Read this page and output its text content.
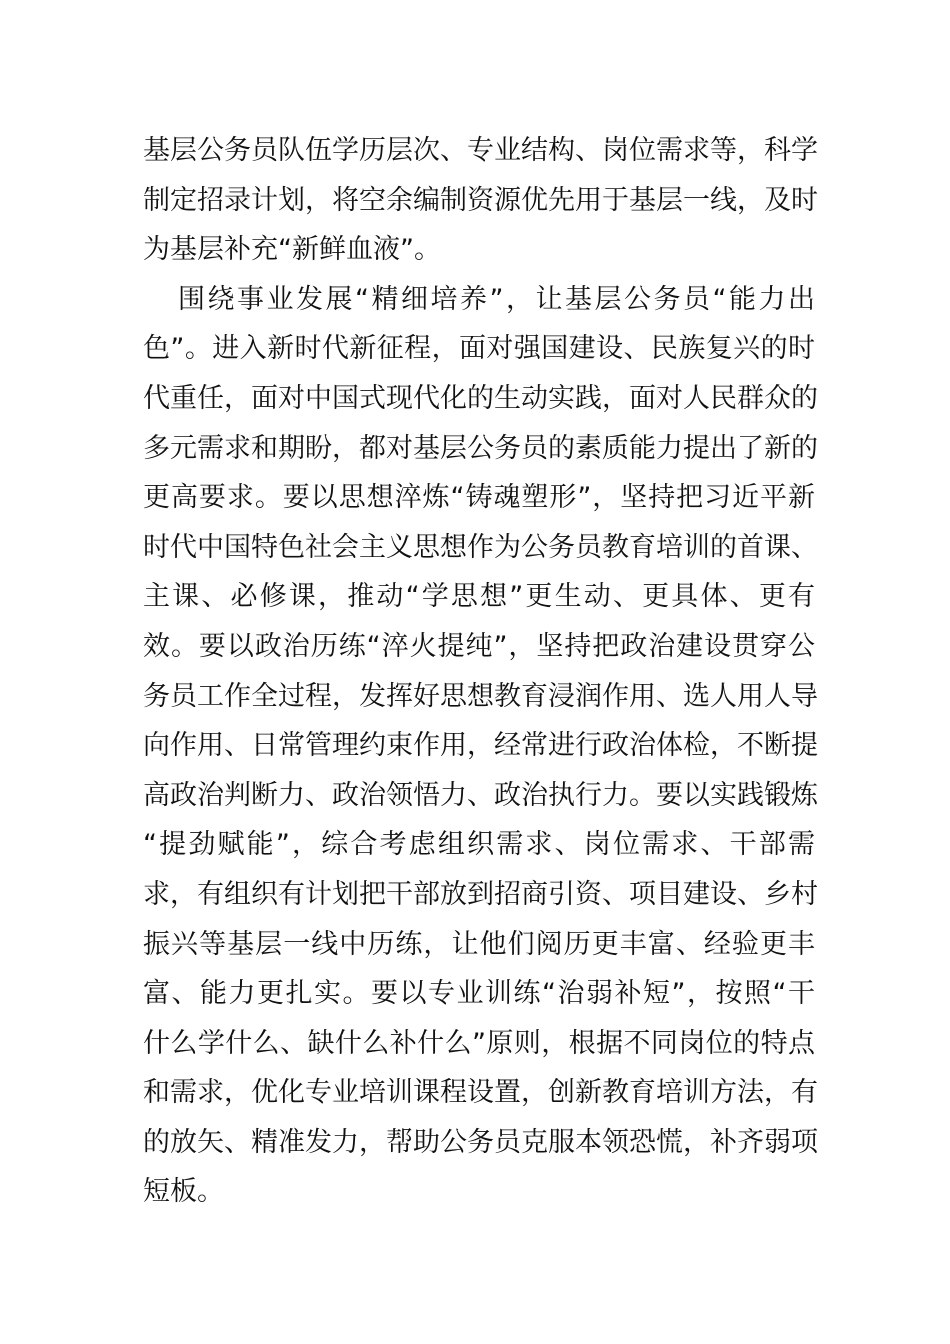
基层公务员队伍学历层次、专业结构、岗位需求等，科学
制定招录计划，将空余编制资源优先用于基层一线，及时
为基层补充“新鲜血液”。
围绕事业发展“精细培养”，让基层公务员“能力出
色”。进入新时代新征程，面对强国建设、民族复兴的时
代重任，面对中国式现代化的生动实践，面对人民群众的
多元需求和期盼，都对基层公务员的素质能力提出了新的
更高要求。要以思想淬炼“铸魂塑形”，坚持把习近平新
时代中国特色社会主义思想作为公务员教育培训的首课、
主课、必修课，推动“学思想”更生动、更具体、更有
效。要以政治历练“淬火提纯”，坚持把政治建设贯穿公
务员工作全过程，发挥好思想教育浸润作用、选人用人导
向作用、日常管理约束作用，经常进行政治体检，不断提
高政治判断力、政治领悟力、政治执行力。要以实践锻炼
“提劲赋能”，综合考虑组织需求、岗位需求、干部需
求，有组织有计划把干部放到招商引资、项目建设、乡村
振兴等基层一线中历练，让他们阅历更丰富、经验更丰
富、能力更扎实。要以专业训练“治弱补短”，按照“干
什么学什么、缺什么补什么”原则，根据不同岗位的特点
和需求，优化专业培训课程设置，创新教育培训方法，有
的放矢、精准发力，帮助公务员克服本领恐慌，补齐弱项
短板。
